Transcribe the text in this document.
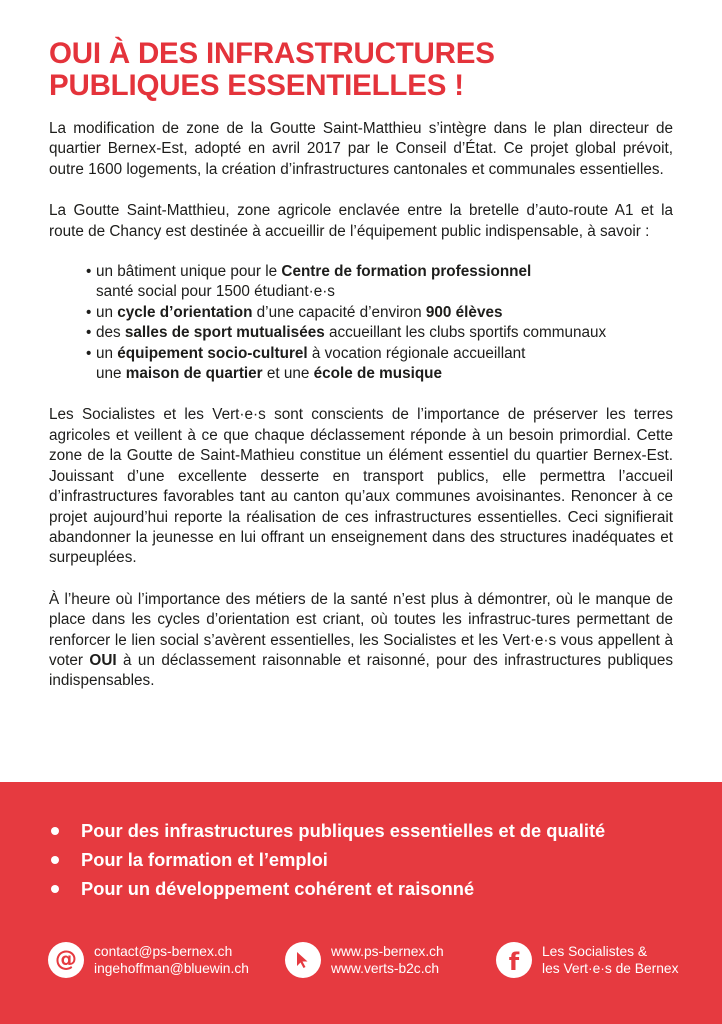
OUI À DES INFRASTRUCTURES
PUBLIQUES ESSENTIELLES !

La modification de zone de la Goutte Saint-Matthieu s’intègre dans le plan directeur de quartier Bernex-Est, adopté en avril 2017 par le Conseil d’État. Ce projet global prévoit, outre 1600 logements, la création d’infrastructures cantonales et communales essentielles.

La Goutte Saint-Matthieu, zone agricole enclavée entre la bretelle d’auto-route A1 et la route de Chancy est destinée à accueillir de l’équipement public indispensable, à savoir :

• un bâtiment unique pour le Centre de formation professionnel
santé social pour 1500 étudiant·e·s
• un cycle d’orientation d’une capacité d’environ 900 élèves
• des salles de sport mutualisées accueillant les clubs sportifs communaux
• un équipement socio-culturel à vocation régionale accueillant
une maison de quartier et une école de musique

Les Socialistes et les Vert·e·s sont conscients de l’importance de préserver les terres agricoles et veillent à ce que chaque déclassement réponde à un besoin primordial. Cette zone de la Goutte de Saint-Mathieu constitue un élément essentiel du quartier Bernex-Est. Jouissant d’une excellente desserte en transport publics, elle permettra l’accueil d’infrastructures favorables tant au canton qu’aux communes avoisinantes. Renoncer à ce projet aujourd’hui reporte la réalisation de ces infrastructures essentielles. Ceci signifierait abandonner la jeunesse en lui offrant un enseignement dans des structures inadéquates et surpeuplées.

À l’heure où l’importance des métiers de la santé n’est plus à démontrer, où le manque de place dans les cycles d’orientation est criant, où toutes les infrastruc-tures permettant de renforcer le lien social s’avèrent essentielles, les Socialistes et les Vert·e·s vous appellent à voter OUI à un déclassement raisonnable et raisonné, pour des infrastructures publiques indispensables.

Pour des infrastructures publiques essentielles et de qualité
Pour la formation et l’emploi
Pour un développement cohérent et raisonné
@ contact@ps-bernex.ch
ingehoffman@bluewin.ch
www.ps-bernex.ch
www.verts-b2c.ch	f Les Socialistes &
les Vert·e·s de Bernex
